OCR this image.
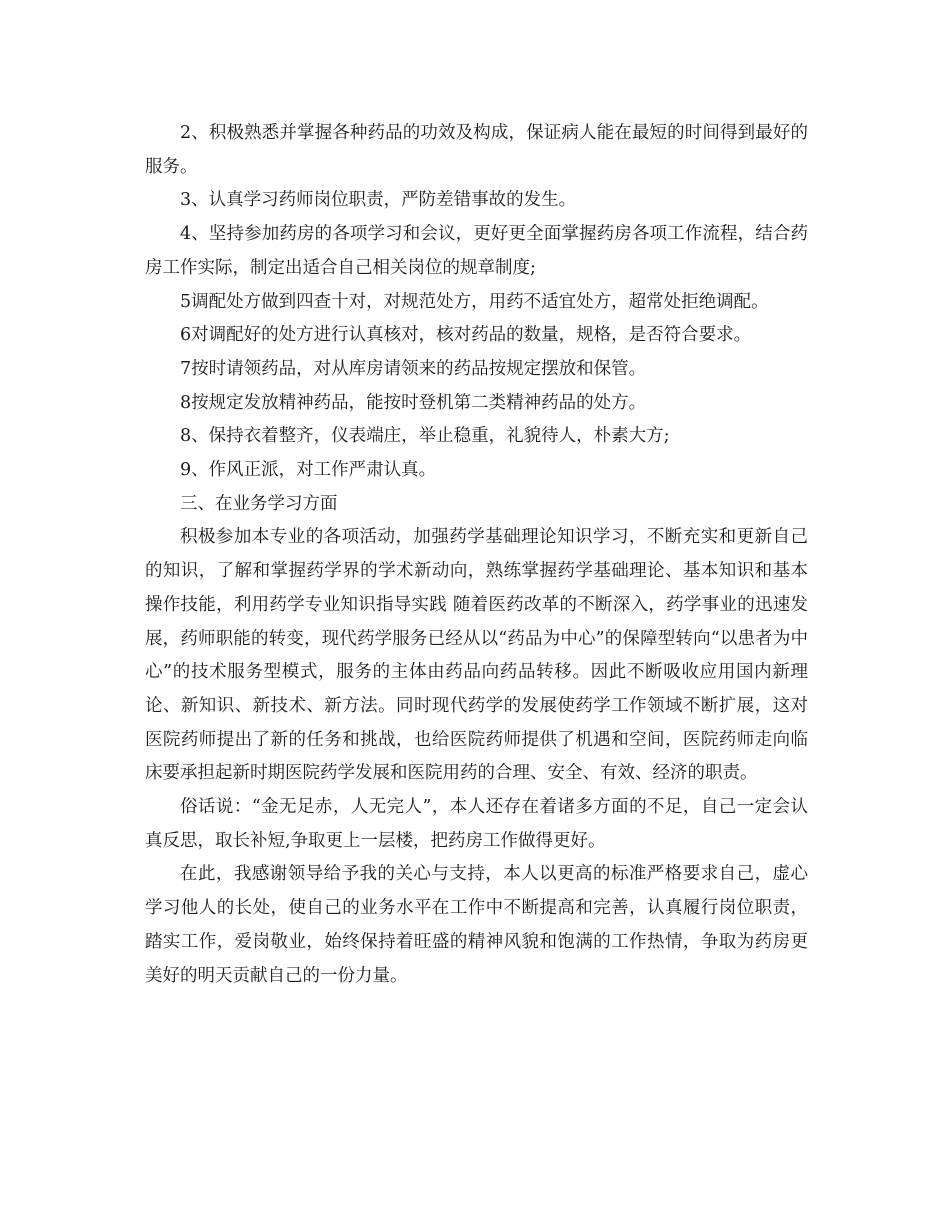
2、积极熟悉并掌握各种药品的功效及构成，保证病人能在最短的时间得到最好的服务。

3、认真学习药师岗位职责，严防差错事故的发生。

4、坚持参加药房的各项学习和会议，更好更全面掌握药房各项工作流程，结合药房工作实际，制定出适合自己相关岗位的规章制度;

5调配处方做到四查十对，对规范处方，用药不适宜处方，超常处拒绝调配。

6对调配好的处方进行认真核对，核对药品的数量，规格，是否符合要求。

7按时请领药品，对从库房请领来的药品按规定摆放和保管。

8按规定发放精神药品，能按时登机第二类精神药品的处方。

8、保持衣着整齐，仪表端庄，举止稳重，礼貌待人，朴素大方;

9、作风正派，对工作严肃认真。

三、在业务学习方面

积极参加本专业的各项活动，加强药学基础理论知识学习，不断充实和更新自己的知识，了解和掌握药学界的学术新动向，熟练掌握药学基础理论、基本知识和基本操作技能，利用药学专业知识指导实践 随着医药改革的不断深入，药学事业的迅速发展，药师职能的转变，现代药学服务已经从以“药品为中心”的保障型转向“以患者为中心”的技术服务型模式，服务的主体由药品向药品转移。因此不断吸收应用国内新理论、新知识、新技术、新方法。同时现代药学的发展使药学工作领域不断扩展，这对医院药师提出了新的任务和挑战，也给医院药师提供了机遇和空间，医院药师走向临床要承担起新时期医院药学发展和医院用药的合理、安全、有效、经济的职责。

俗话说：“金无足赤，人无完人”，本人还存在着诸多方面的不足，自己一定会认真反思，取长补短,争取更上一层楼，把药房工作做得更好。

在此，我感谢领导给予我的关心与支持，本人以更高的标准严格要求自己，虚心学习他人的长处，使自己的业务水平在工作中不断提高和完善，认真履行岗位职责，踏实工作，爱岗敬业，始终保持着旺盛的精神风貌和饱满的工作热情，争取为药房更美好的明天贡献自己的一份力量。
